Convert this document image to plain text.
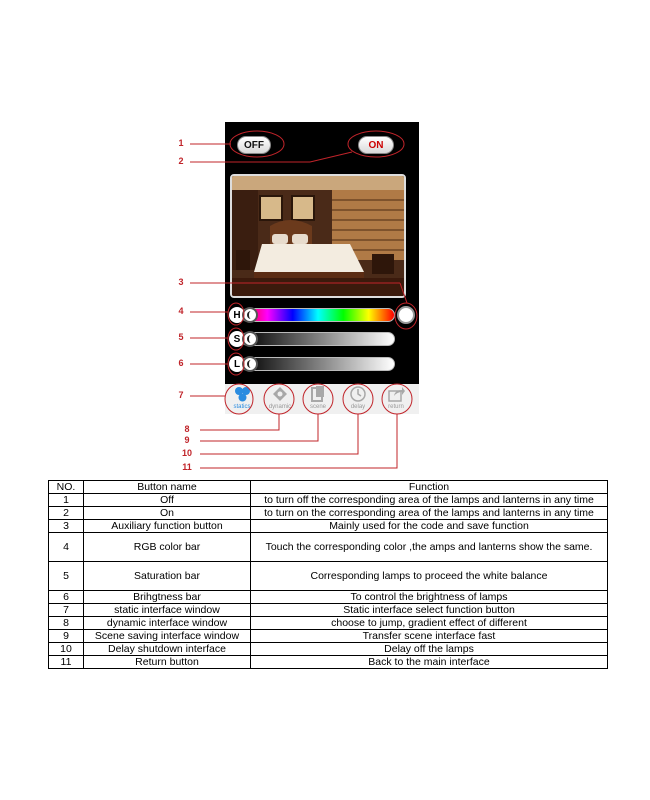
OFF	ON
H
S
L
statics	dynamic	scene	delay	return
1
2
3
4
5
6
7
8
9
10
11
NO.	Button name	Function
1	Off	to turn off the corresponding area of the lamps and lanterns in any time
2	On	to turn on the corresponding area of the lamps and lanterns in any time
3	Auxiliary function button	Mainly used for the code and save function
4	RGB color bar	Touch the corresponding color ,the amps and lanterns show the same.
5	Saturation bar	Corresponding lamps to proceed the white balance
6	Brihgtness bar	To control the brightness of lamps
7	static interface window	Static interface select function button
8	dynamic interface window	choose to jump, gradient effect of different
9	Scene saving interface window	Transfer scene interface fast
10	Delay shutdown interface	Delay off the lamps
11	Return button	Back to the main interface
